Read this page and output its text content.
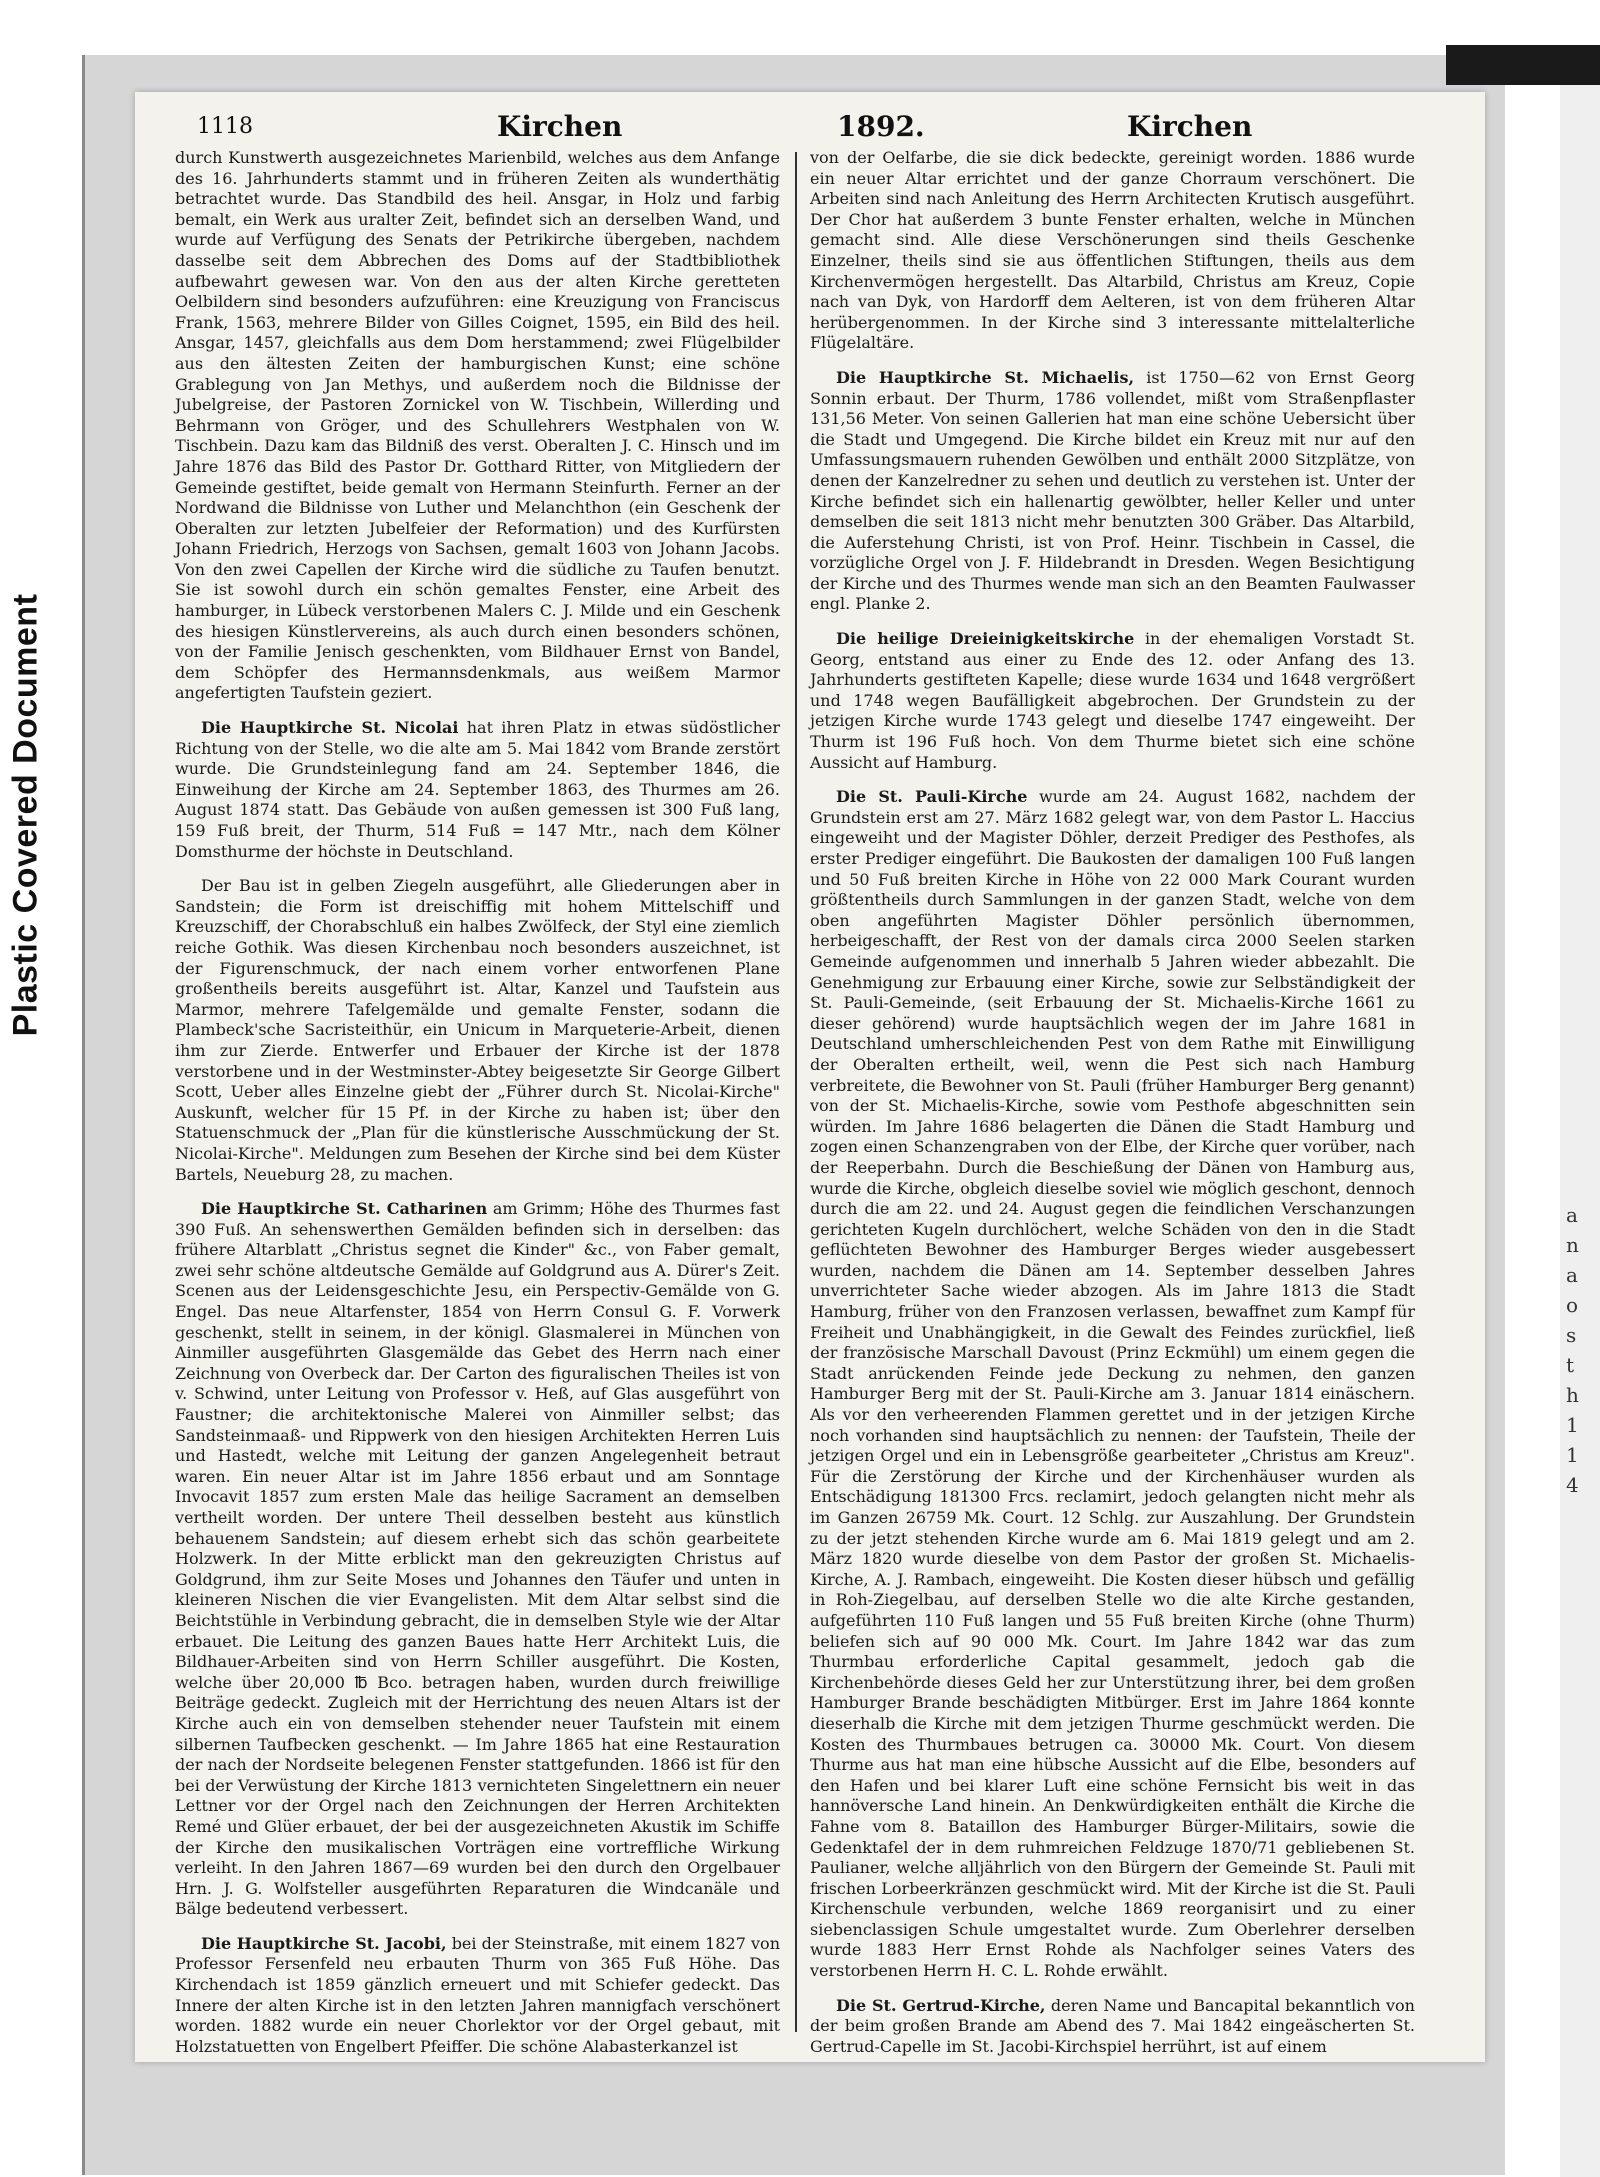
Plastic Covered Document
a
n
a
o
s
t
h
1
1
4
1118	Kirchen	1892.	Kirchen

durch Kunstwerth ausgezeichnetes Marienbild, welches aus dem Anfange des 16. Jahrhunderts stammt und in früheren Zeiten als wunderthätig betrachtet wurde. Das Standbild des heil. Ansgar, in Holz und farbig bemalt, ein Werk aus uralter Zeit, befindet sich an derselben Wand, und wurde auf Verfügung des Senats der Petrikirche übergeben, nachdem dasselbe seit dem Abbrechen des Doms auf der Stadtbibliothek aufbewahrt gewesen war. Von den aus der alten Kirche geretteten Oelbildern sind besonders aufzuführen: eine Kreuzigung von Franciscus Frank, 1563, mehrere Bilder von Gilles Coignet, 1595, ein Bild des heil. Ansgar, 1457, gleichfalls aus dem Dom herstammend; zwei Flügelbilder aus den ältesten Zeiten der hamburgischen Kunst; eine schöne Grablegung von Jan Methys, und außerdem noch die Bildnisse der Jubelgreise, der Pastoren Zornickel von W. Tischbein, Willerding und Behrmann von Gröger, und des Schullehrers Westphalen von W. Tischbein. Dazu kam das Bildniß des verst. Oberalten J. C. Hinsch und im Jahre 1876 das Bild des Pastor Dr. Gotthard Ritter, von Mitgliedern der Gemeinde gestiftet, beide gemalt von Hermann Steinfurth. Ferner an der Nordwand die Bildnisse von Luther und Melanchthon (ein Geschenk der Oberalten zur letzten Jubelfeier der Reformation) und des Kurfürsten Johann Friedrich, Herzogs von Sachsen, gemalt 1603 von Johann Jacobs. Von den zwei Capellen der Kirche wird die südliche zu Taufen benutzt. Sie ist sowohl durch ein schön gemaltes Fenster, eine Arbeit des hamburger, in Lübeck verstorbenen Malers C. J. Milde und ein Geschenk des hiesigen Künstlervereins, als auch durch einen besonders schönen, von der Familie Jenisch geschenkten, vom Bildhauer Ernst von Bandel, dem Schöpfer des Hermannsdenkmals, aus weißem Marmor angefertigten Taufstein geziert.

Die Hauptkirche St. Nicolai hat ihren Platz in etwas südöstlicher Richtung von der Stelle, wo die alte am 5. Mai 1842 vom Brande zerstört wurde. Die Grundsteinlegung fand am 24. September 1846, die Einweihung der Kirche am 24. September 1863, des Thurmes am 26. August 1874 statt. Das Gebäude von außen gemessen ist 300 Fuß lang, 159 Fuß breit, der Thurm, 514 Fuß = 147 Mtr., nach dem Kölner Domsthurme der höchste in Deutschland.

Der Bau ist in gelben Ziegeln ausgeführt, alle Gliederungen aber in Sandstein; die Form ist dreischiffig mit hohem Mittelschiff und Kreuzschiff, der Chorabschluß ein halbes Zwölfeck, der Styl eine ziemlich reiche Gothik. Was diesen Kirchenbau noch besonders auszeichnet, ist der Figurenschmuck, der nach einem vorher entworfenen Plane großentheils bereits ausgeführt ist. Altar, Kanzel und Taufstein aus Marmor, mehrere Tafelgemälde und gemalte Fenster, sodann die Plambeck'sche Sacristeithür, ein Unicum in Marqueterie-Arbeit, dienen ihm zur Zierde. Entwerfer und Erbauer der Kirche ist der 1878 verstorbene und in der Westminster-Abtey beigesetzte Sir George Gilbert Scott, Ueber alles Einzelne giebt der „Führer durch St. Nicolai-Kirche" Auskunft, welcher für 15 Pf. in der Kirche zu haben ist; über den Statuenschmuck der „Plan für die künstlerische Ausschmückung der St. Nicolai-Kirche". Meldungen zum Besehen der Kirche sind bei dem Küster Bartels, Neueburg 28, zu machen.

Die Hauptkirche St. Catharinen am Grimm; Höhe des Thurmes fast 390 Fuß. An sehenswerthen Gemälden befinden sich in derselben: das frühere Altarblatt „Christus segnet die Kinder" &c., von Faber gemalt, zwei sehr schöne altdeutsche Gemälde auf Goldgrund aus A. Dürer's Zeit. Scenen aus der Leidensgeschichte Jesu, ein Perspectiv-Gemälde von G. Engel. Das neue Altarfenster, 1854 von Herrn Consul G. F. Vorwerk geschenkt, stellt in seinem, in der königl. Glasmalerei in München von Ainmiller ausgeführten Glasgemälde das Gebet des Herrn nach einer Zeichnung von Overbeck dar. Der Carton des figuralischen Theiles ist von v. Schwind, unter Leitung von Professor v. Heß, auf Glas ausgeführt von Faustner; die architektonische Malerei von Ainmiller selbst; das Sandsteinmaaß- und Rippwerk von den hiesigen Architekten Herren Luis und Hastedt, welche mit Leitung der ganzen Angelegenheit betraut waren. Ein neuer Altar ist im Jahre 1856 erbaut und am Sonntage Invocavit 1857 zum ersten Male das heilige Sacrament an demselben vertheilt worden. Der untere Theil desselben besteht aus künstlich behauenem Sandstein; auf diesem erhebt sich das schön gearbeitete Holzwerk. In der Mitte erblickt man den gekreuzigten Christus auf Goldgrund, ihm zur Seite Moses und Johannes den Täufer und unten in kleineren Nischen die vier Evangelisten. Mit dem Altar selbst sind die Beichtstühle in Verbindung gebracht, die in demselben Style wie der Altar erbauet. Die Leitung des ganzen Baues hatte Herr Architekt Luis, die Bildhauer-Arbeiten sind von Herrn Schiller ausgeführt. Die Kosten, welche über 20,000 ℔ Bco. betragen haben, wurden durch freiwillige Beiträge gedeckt. Zugleich mit der Herrichtung des neuen Altars ist der Kirche auch ein von demselben stehender neuer Taufstein mit einem silbernen Taufbecken geschenkt. — Im Jahre 1865 hat eine Restauration der nach der Nordseite belegenen Fenster stattgefunden. 1866 ist für den bei der Verwüstung der Kirche 1813 vernichteten Singelettnern ein neuer Lettner vor der Orgel nach den Zeichnungen der Herren Architekten Remé und Glüer erbauet, der bei der ausgezeichneten Akustik im Schiffe der Kirche den musikalischen Vorträgen eine vortreffliche Wirkung verleiht. In den Jahren 1867—69 wurden bei den durch den Orgelbauer Hrn. J. G. Wolfsteller ausgeführten Reparaturen die Windcanäle und Bälge bedeutend verbessert.

Die Hauptkirche St. Jacobi, bei der Steinstraße, mit einem 1827 von Professor Fersenfeld neu erbauten Thurm von 365 Fuß Höhe. Das Kirchendach ist 1859 gänzlich erneuert und mit Schiefer gedeckt. Das Innere der alten Kirche ist in den letzten Jahren mannigfach verschönert worden. 1882 wurde ein neuer Chorlektor vor der Orgel gebaut, mit Holzstatuetten von Engelbert Pfeiffer. Die schöne Alabasterkanzel ist

von der Oelfarbe, die sie dick bedeckte, gereinigt worden. 1886 wurde ein neuer Altar errichtet und der ganze Chorraum verschönert. Die Arbeiten sind nach Anleitung des Herrn Architecten Krutisch ausgeführt. Der Chor hat außerdem 3 bunte Fenster erhalten, welche in München gemacht sind. Alle diese Verschönerungen sind theils Geschenke Einzelner, theils sind sie aus öffentlichen Stiftungen, theils aus dem Kirchenvermögen hergestellt. Das Altarbild, Christus am Kreuz, Copie nach van Dyk, von Hardorff dem Aelteren, ist von dem früheren Altar herübergenommen. In der Kirche sind 3 interessante mittelalterliche Flügelaltäre.

Die Hauptkirche St. Michaelis, ist 1750—62 von Ernst Georg Sonnin erbaut. Der Thurm, 1786 vollendet, mißt vom Straßenpflaster 131,56 Meter. Von seinen Gallerien hat man eine schöne Uebersicht über die Stadt und Umgegend. Die Kirche bildet ein Kreuz mit nur auf den Umfassungsmauern ruhenden Gewölben und enthält 2000 Sitzplätze, von denen der Kanzelredner zu sehen und deutlich zu verstehen ist. Unter der Kirche befindet sich ein hallenartig gewölbter, heller Keller und unter demselben die seit 1813 nicht mehr benutzten 300 Gräber. Das Altarbild, die Auferstehung Christi, ist von Prof. Heinr. Tischbein in Cassel, die vorzügliche Orgel von J. F. Hildebrandt in Dresden. Wegen Besichtigung der Kirche und des Thurmes wende man sich an den Beamten Faulwasser engl. Planke 2.

Die heilige Dreieinigkeitskirche in der ehemaligen Vorstadt St. Georg, entstand aus einer zu Ende des 12. oder Anfang des 13. Jahrhunderts gestifteten Kapelle; diese wurde 1634 und 1648 vergrößert und 1748 wegen Baufälligkeit abgebrochen. Der Grundstein zu der jetzigen Kirche wurde 1743 gelegt und dieselbe 1747 eingeweiht. Der Thurm ist 196 Fuß hoch. Von dem Thurme bietet sich eine schöne Aussicht auf Hamburg.

Die St. Pauli-Kirche wurde am 24. August 1682, nachdem der Grundstein erst am 27. März 1682 gelegt war, von dem Pastor L. Haccius eingeweiht und der Magister Döhler, derzeit Prediger des Pesthofes, als erster Prediger eingeführt. Die Baukosten der damaligen 100 Fuß langen und 50 Fuß breiten Kirche in Höhe von 22 000 Mark Courant wurden größtentheils durch Sammlungen in der ganzen Stadt, welche von dem oben angeführten Magister Döhler persönlich übernommen, herbeigeschafft, der Rest von der damals circa 2000 Seelen starken Gemeinde aufgenommen und innerhalb 5 Jahren wieder abbezahlt. Die Genehmigung zur Erbauung einer Kirche, sowie zur Selbständigkeit der St. Pauli-Gemeinde, (seit Erbauung der St. Michaelis-Kirche 1661 zu dieser gehörend) wurde hauptsächlich wegen der im Jahre 1681 in Deutschland umherschleichenden Pest von dem Rathe mit Einwilligung der Oberalten ertheilt, weil, wenn die Pest sich nach Hamburg verbreitete, die Bewohner von St. Pauli (früher Hamburger Berg genannt) von der St. Michaelis-Kirche, sowie vom Pesthofe abgeschnitten sein würden. Im Jahre 1686 belagerten die Dänen die Stadt Hamburg und zogen einen Schanzengraben von der Elbe, der Kirche quer vorüber, nach der Reeperbahn. Durch die Beschießung der Dänen von Hamburg aus, wurde die Kirche, obgleich dieselbe soviel wie möglich geschont, dennoch durch die am 22. und 24. August gegen die feindlichen Verschanzungen gerichteten Kugeln durchlöchert, welche Schäden von den in die Stadt geflüchteten Bewohner des Hamburger Berges wieder ausgebessert wurden, nachdem die Dänen am 14. September desselben Jahres unverrichteter Sache wieder abzogen. Als im Jahre 1813 die Stadt Hamburg, früher von den Franzosen verlassen, bewaffnet zum Kampf für Freiheit und Unabhängigkeit, in die Gewalt des Feindes zurückfiel, ließ der französische Marschall Davoust (Prinz Eckmühl) um einem gegen die Stadt anrückenden Feinde jede Deckung zu nehmen, den ganzen Hamburger Berg mit der St. Pauli-Kirche am 3. Januar 1814 einäschern. Als vor den verheerenden Flammen gerettet und in der jetzigen Kirche noch vorhanden sind hauptsächlich zu nennen: der Taufstein, Theile der jetzigen Orgel und ein in Lebensgröße gearbeiteter „Christus am Kreuz". Für die Zerstörung der Kirche und der Kirchenhäuser wurden als Entschädigung 181300 Frcs. reclamirt, jedoch gelangten nicht mehr als im Ganzen 26759 Mk. Court. 12 Schlg. zur Auszahlung. Der Grundstein zu der jetzt stehenden Kirche wurde am 6. Mai 1819 gelegt und am 2. März 1820 wurde dieselbe von dem Pastor der großen St. Michaelis-Kirche, A. J. Rambach, eingeweiht. Die Kosten dieser hübsch und gefällig in Roh-Ziegelbau, auf derselben Stelle wo die alte Kirche gestanden, aufgeführten 110 Fuß langen und 55 Fuß breiten Kirche (ohne Thurm) beliefen sich auf 90 000 Mk. Court. Im Jahre 1842 war das zum Thurmbau erforderliche Capital gesammelt, jedoch gab die Kirchenbehörde dieses Geld her zur Unterstützung ihrer, bei dem großen Hamburger Brande beschädigten Mitbürger. Erst im Jahre 1864 konnte dieserhalb die Kirche mit dem jetzigen Thurme geschmückt werden. Die Kosten des Thurmbaues betrugen ca. 30000 Mk. Court. Von diesem Thurme aus hat man eine hübsche Aussicht auf die Elbe, besonders auf den Hafen und bei klarer Luft eine schöne Fernsicht bis weit in das hannöversche Land hinein. An Denkwürdigkeiten enthält die Kirche die Fahne vom 8. Bataillon des Hamburger Bürger-Militairs, sowie die Gedenktafel der in dem ruhmreichen Feldzuge 1870/71 gebliebenen St. Paulianer, welche alljährlich von den Bürgern der Gemeinde St. Pauli mit frischen Lorbeerkränzen geschmückt wird. Mit der Kirche ist die St. Pauli Kirchenschule verbunden, welche 1869 reorganisirt und zu einer siebenclassigen Schule umgestaltet wurde. Zum Oberlehrer derselben wurde 1883 Herr Ernst Rohde als Nachfolger seines Vaters des verstorbenen Herrn H. C. L. Rohde erwählt.

Die St. Gertrud-Kirche, deren Name und Bancapital bekanntlich von der beim großen Brande am Abend des 7. Mai 1842 eingeäscherten St. Gertrud-Capelle im St. Jacobi-Kirchspiel herrührt, ist auf einem
